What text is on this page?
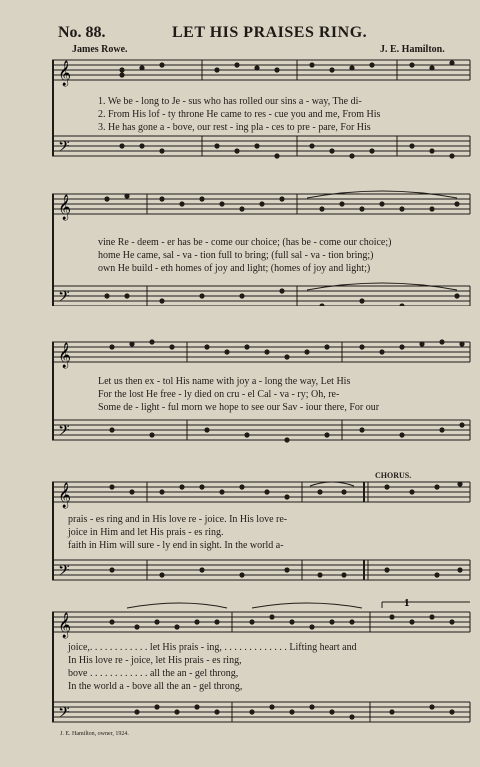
No. 88.	LET HIS PRAISES RING.
James Rowe.	J. E. Hamilton.
𝄞
𝄢
1. We be - long to Je - sus who has rolled our sins a - way, The di-
2. From His lof - ty throne He came to res - cue you and me, From His
3. He has gone a - bove, our rest - ing pla - ces to pre - pare, For His
𝄞
𝄢
vine Re - deem - er has be - come our choice; (has be - come our choice;)
home He came, sal - va - tion full to bring; (full sal - va - tion bring;)
own He build - eth homes of joy and light; (homes of joy and light;)
𝄞
𝄢
Let us then ex - tol His name with joy a - long the way, Let His
For the lost He free - ly died on cru - el Cal - va - ry; Oh, re-
Some de - light - ful morn we hope to see our Sav - iour there, For our
CHORUS.
𝄞
𝄢
prais - es ring and in His love re - joice. In His love re-
joice in Him and let His prais - es ring.
faith in Him will sure - ly end in sight. In the world a-
𝄞
𝄢
1
joice,. . . . . . . . . . . . let His prais - ing, . . . . . . . . . . . . . Lifting heart and
In His love re - joice, let His prais - es ring,
bove . . . . . . . . . . . . all the an - gel throng,
In the world a - bove all the an - gel throng,
J. E. Hamilton, owner, 1924.
